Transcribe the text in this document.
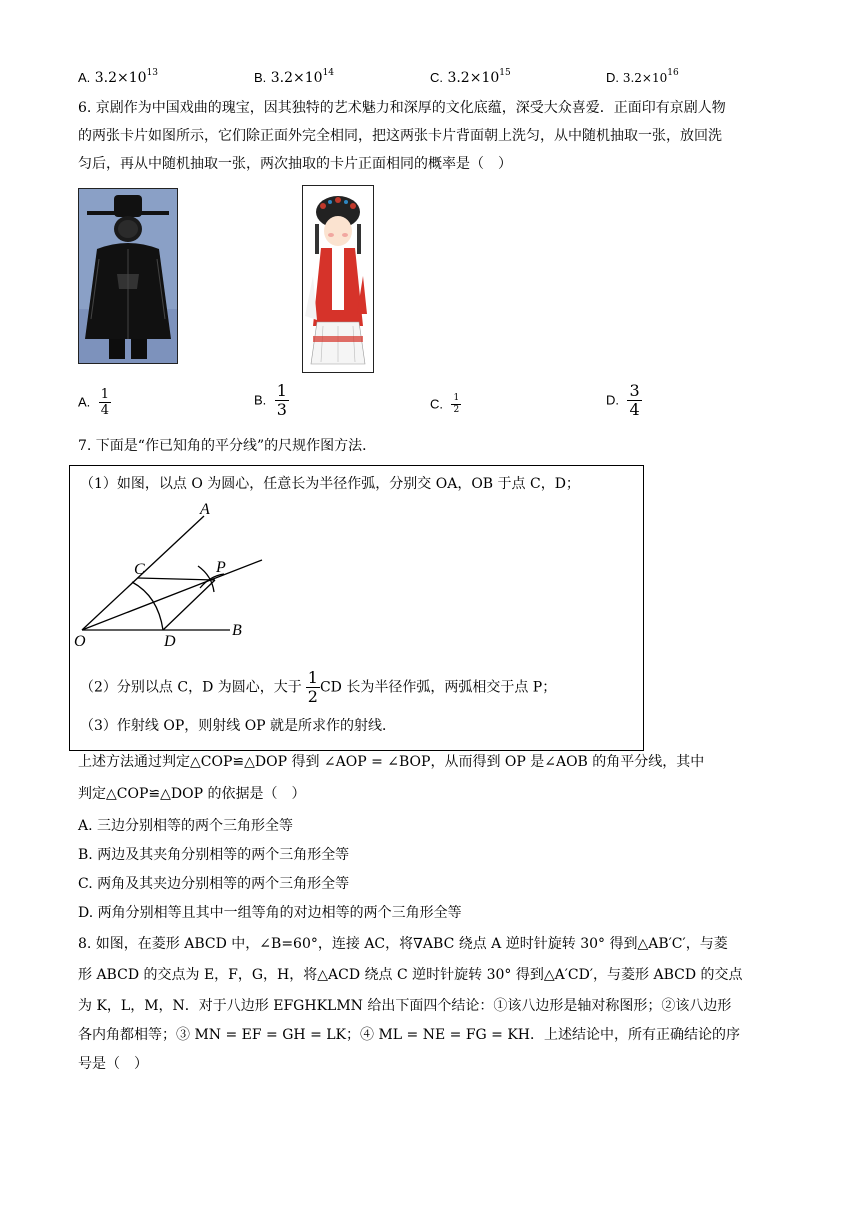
A. $3.2\times 10^{13}$	B. $3.2\times 10^{14}$	C. $3.2\times 10^{15}$	D. $3.2\times 10^{16}$
6. 京剧作为中国戏曲的瑰宝，因其独特的艺术魅力和深厚的文化底蕴，深受大众喜爱．正面印有京剧人物
的两张卡片如图所示，它们除正面外完全相同，把这两张卡片背面朝上洗匀，从中随机抽取一张，放回洗
匀后，再从中随机抽取一张，两次抽取的卡片正面相同的概率是（　）
A. $\frac{1}{4}$	B. $\frac{1}{3}$	C. $\frac{1}{2}$	D. $\frac{3}{4}$
7. 下面是“作已知角的平分线”的尺规作图方法．
（1）如图，以点 O 为圆心，任意长为半径作弧，分别交 OA，OB 于点 C，D；
A
B
C
D
O
P
（2）分别以点 C，D 为圆心，大于 $\frac{1}{2}$ CD 长为半径作弧，两弧相交于点 P；
（3）作射线 OP，则射线 OP 就是所求作的射线．
上述方法通过判定△COP≌△DOP 得到 ∠AOP = ∠BOP，从而得到 OP 是∠AOB 的角平分线，其中
判定△COP≌△DOP 的依据是（　）
A. 三边分别相等的两个三角形全等
B. 两边及其夹角分别相等的两个三角形全等
C. 两角及其夹边分别相等的两个三角形全等
D. 两角分别相等且其中一组等角的对边相等的两个三角形全等
8. 如图，在菱形 ABCD 中，∠B=60°，连接 AC，将∇ABC 绕点 A 逆时针旋转 30° 得到△AB′C′，与菱
形 ABCD 的交点为 E，F，G，H，将△ACD 绕点 C 逆时针旋转 30° 得到△A′CD′，与菱形 ABCD 的交点
为 K，L，M，N．对于八边形 EFGHKLMN 给出下面四个结论：①该八边形是轴对称图形；②该八边形
各内角都相等；③ MN = EF = GH = LK；④ ML = NE = FG = KH．上述结论中，所有正确结论的序
号是（　）
